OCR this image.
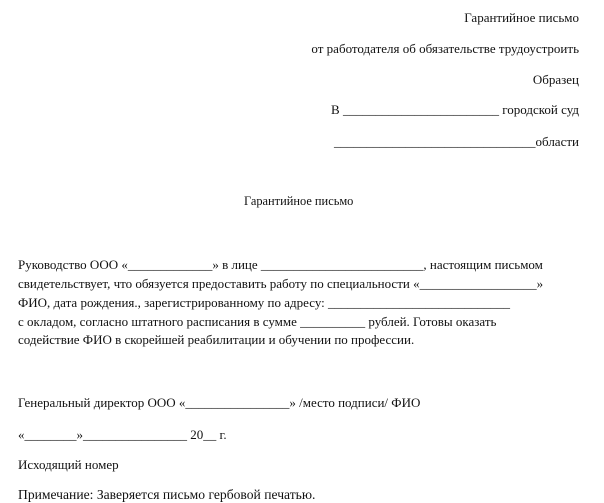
Гарантийное письмо
от работодателя об обязательстве трудоустроить
Образец
В ________________________ городской суд
_______________________________области
Гарантийное письмо
Руководство ООО «_____________» в лице _________________________, настоящим письмом
свидетельствует, что обязуется предоставить работу по специальности «__________________»
ФИО, дата рождения., зарегистрированному по адресу: ____________________________
с окладом, согласно штатного расписания в сумме __________ рублей. Готовы оказать
содействие ФИО в скорейшей реабилитации и обучении по профессии.
Генеральный директор ООО «________________» /место подписи/ ФИО
«________»________________ 20__ г.
Исходящий номер
Примечание: Заверяется письмо гербовой печатью.
